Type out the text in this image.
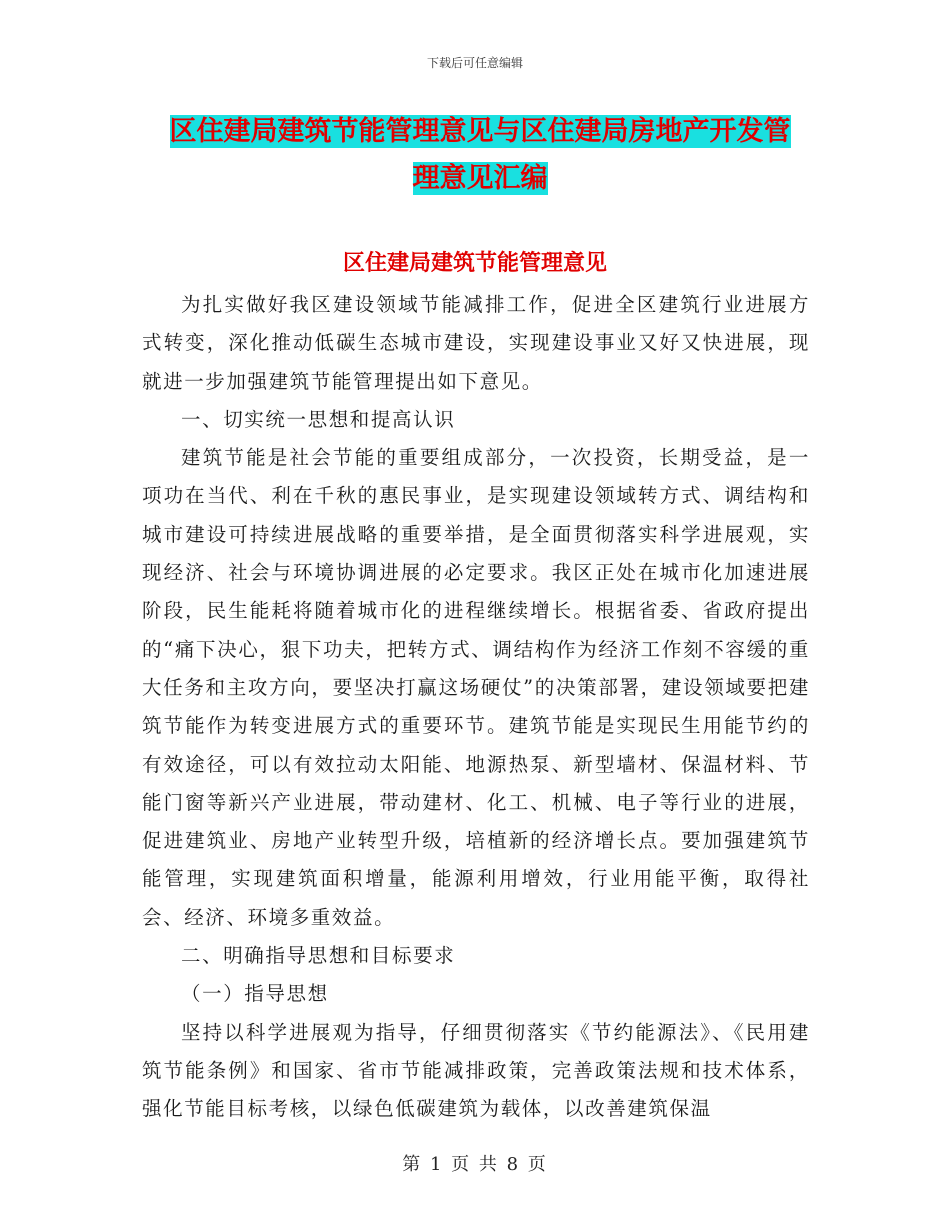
下载后可任意编辑
区住建局建筑节能管理意见与区住建局房地产开发管
理意见汇编
区住建局建筑节能管理意见

为扎实做好我区建设领域节能减排工作，促进全区建筑行业进展方式转变，深化推动低碳生态城市建设，实现建设事业又好又快进展，现就进一步加强建筑节能管理提出如下意见。

一、切实统一思想和提高认识

建筑节能是社会节能的重要组成部分，一次投资，长期受益，是一项功在当代、利在千秋的惠民事业，是实现建设领域转方式、调结构和城市建设可持续进展战略的重要举措，是全面贯彻落实科学进展观，实现经济、社会与环境协调进展的必定要求。我区正处在城市化加速进展阶段，民生能耗将随着城市化的进程继续增长。根据省委、省政府提出的“痛下决心，狠下功夫，把转方式、调结构作为经济工作刻不容缓的重大任务和主攻方向，要坚决打赢这场硬仗”的决策部署，建设领域要把建筑节能作为转变进展方式的重要环节。建筑节能是实现民生用能节约的有效途径，可以有效拉动太阳能、地源热泵、新型墙材、保温材料、节能门窗等新兴产业进展，带动建材、化工、机械、电子等行业的进展，促进建筑业、房地产业转型升级，培植新的经济增长点。要加强建筑节能管理，实现建筑面积增量，能源利用增效，行业用能平衡，取得社会、经济、环境多重效益。

二、明确指导思想和目标要求

（一）指导思想

坚持以科学进展观为指导，仔细贯彻落实《节约能源法》、《民用建筑节能条例》和国家、省市节能减排政策，完善政策法规和技术体系，强化节能目标考核，以绿色低碳建筑为载体，以改善建筑保温

第 1 页 共 8 页
